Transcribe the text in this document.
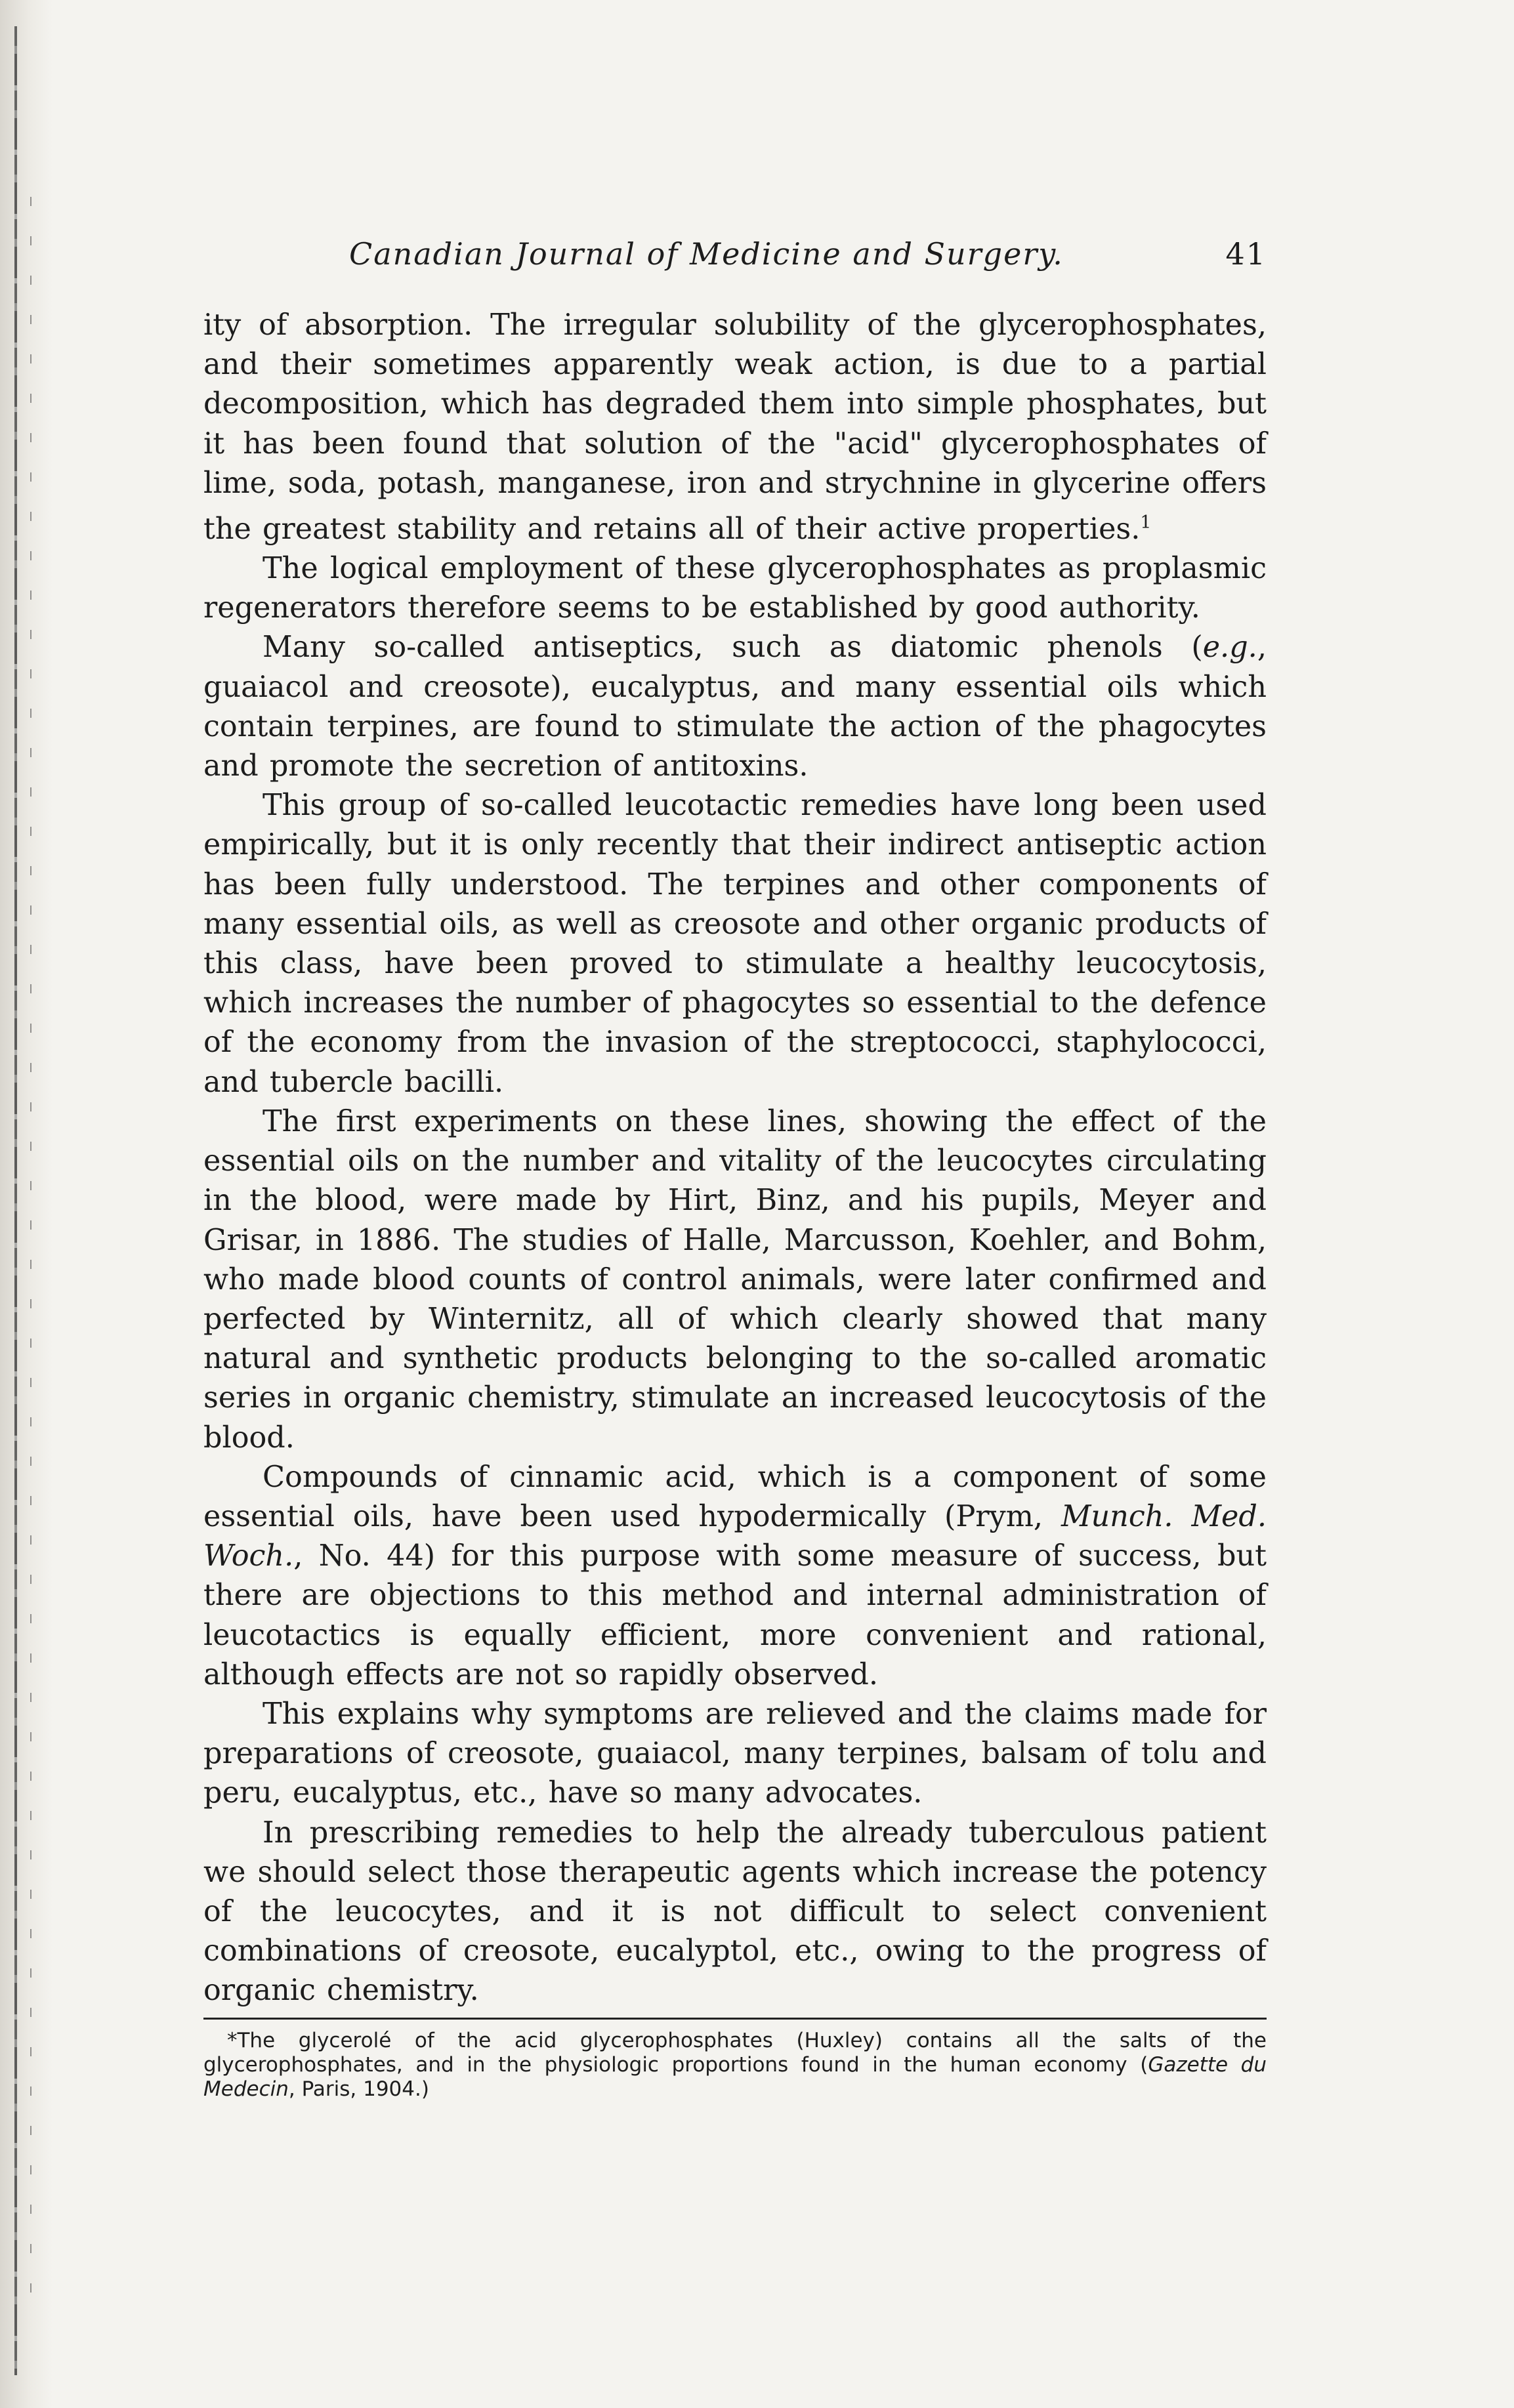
Canadian Journal of Medicine and Surgery.	41

ity of absorption. The irregular solubility of the glycerophosphates, and their sometimes apparently weak action, is due to a partial decomposition, which has degraded them into simple phosphates, but it has been found that solution of the "acid" glycerophosphates of lime, soda, potash, manganese, iron and strychnine in glycerine offers the greatest stability and retains all of their active properties.$^1$

The logical employment of these glycerophosphates as proplasmic regenerators therefore seems to be established by good authority.

Many so-called antiseptics, such as diatomic phenols (e.g., guaiacol and creosote), eucalyptus, and many essential oils which contain terpines, are found to stimulate the action of the phagocytes and promote the secretion of antitoxins.

This group of so-called leucotactic remedies have long been used empirically, but it is only recently that their indirect antiseptic action has been fully understood. The terpines and other components of many essential oils, as well as creosote and other organic products of this class, have been proved to stimulate a healthy leucocytosis, which increases the number of phagocytes so essential to the defence of the economy from the invasion of the streptococci, staphylococci, and tubercle bacilli.

The first experiments on these lines, showing the effect of the essential oils on the number and vitality of the leucocytes circulating in the blood, were made by Hirt, Binz, and his pupils, Meyer and Grisar, in 1886. The studies of Halle, Marcusson, Koehler, and Bohm, who made blood counts of control animals, were later confirmed and perfected by Winternitz, all of which clearly showed that many natural and synthetic products belonging to the so-called aromatic series in organic chemistry, stimulate an increased leucocytosis of the blood.

Compounds of cinnamic acid, which is a component of some essential oils, have been used hypodermically (Prym, Munch. Med. Woch., No. 44) for this purpose with some measure of success, but there are objections to this method and internal administration of leucotactics is equally efficient, more convenient and rational, although effects are not so rapidly observed.

This explains why symptoms are relieved and the claims made for preparations of creosote, guaiacol, many terpines, balsam of tolu and peru, eucalyptus, etc., have so many advocates.

In prescribing remedies to help the already tuberculous patient we should select those therapeutic agents which increase the potency of the leucocytes, and it is not difficult to select convenient combinations of creosote, eucalyptol, etc., owing to the progress of organic chemistry.

*The glycerolé of the acid glycerophosphates (Huxley) contains all the salts of the glycerophosphates, and in the physiologic proportions found in the human economy (Gazette du Medecin, Paris, 1904.)
